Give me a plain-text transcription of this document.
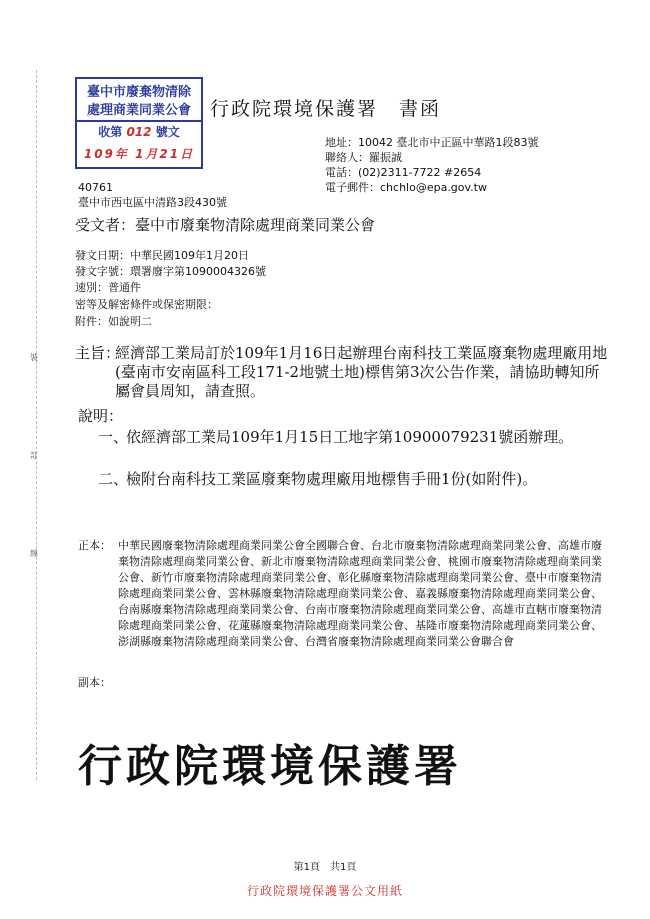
裝
訂
線
臺中市廢棄物清除
處理商業同業公會
收第 012 號文
109年 1月21日
行政院環境保護署　書函
地址：10042 臺北市中正區中華路1段83號
聯絡人：羅振誠
電話：(02)2311-7722 #2654
電子郵件：chchlo@epa.gov.tw
40761
臺中市西屯區中清路3段430號
受文者：臺中市廢棄物清除處理商業同業公會
發文日期：中華民國109年1月20日
發文字號：環署廢字第1090004326號
速別：普通件
密等及解密條件或保密期限：
附件：如說明二
主旨：
經濟部工業局訂於109年1月16日起辦理台南科技工業區廢棄物處理廠用地(臺南市安南區科工段171-2地號土地)標售第3次公告作業，請協助轉知所屬會員周知，請查照。
說明：
一、
依經濟部工業局109年1月15日工地字第10900079231號函辦理。
二、
檢附台南科技工業區廢棄物處理廠用地標售手冊1份(如附件)。
正本： 中華民國廢棄物清除處理商業同業公會全國聯合會、台北市廢棄物清除處理商業同業公會、高雄市廢棄物清除處理商業同業公會、新北市廢棄物清除處理商業同業公會、桃園市廢棄物清除處理商業同業公會、新竹市廢棄物清除處理商業同業公會、彰化縣廢棄物清除處理商業同業公會、臺中市廢棄物清除處理商業同業公會、雲林縣廢棄物清除處理商業同業公會、嘉義縣廢棄物清除處理商業同業公會、台南縣廢棄物清除處理商業同業公會、台南市廢棄物清除處理商業同業公會、高雄市直轄市廢棄物清除處理商業同業公會、花蓮縣廢棄物清除處理商業同業公會、基隆市廢棄物清除處理商業同業公會、澎湖縣廢棄物清除處理商業同業公會、台灣省廢棄物清除處理商業同業公會聯合會
副本：
行政院環境保護署
第1頁　共1頁
行政院環境保護署公文用紙
